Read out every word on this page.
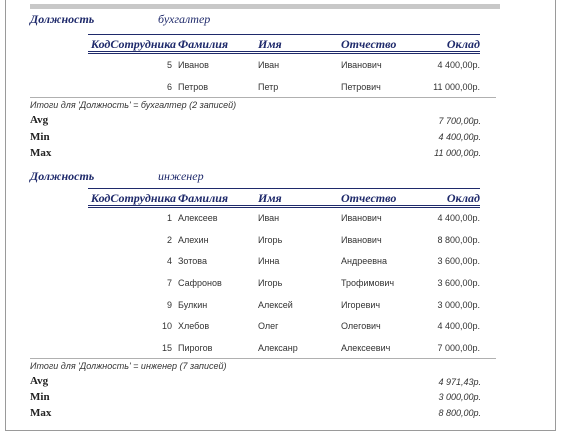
Должность	бухгалтер
КодСотрудника Фамилия Имя	Отчество	Оклад
5 Иванов	Иван	Иванович	4 400,00р.
6 Петров	Петр	Петрович	11 000,00р.
Итоги для 'Должность' = бухгалтер (2 записей)
Avg	7 700,00р.
Min	4 400,00р.
Max	11 000,00р.
Должность	инженер
КодСотрудника Фамилия Имя	Отчество	Оклад
1 Алексеев	Иван	Иванович	4 400,00р.
2 Алехин	Игорь	Иванович	8 800,00р.
4 Зотова	Инна	Андреевна	3 600,00р.
7 Сафронов	Игорь	Трофимович	3 600,00р.
9 Булкин	Алексей	Игоревич	3 000,00р.
10 Хлебов	Олег	Олегович	4 400,00р.
15 Пирогов	Алексанр	Алексеевич	7 000,00р.
Итоги для 'Должность' = инженер (7 записей)
Avg	4 971,43р.
Min	3 000,00р.
Max	8 800,00р.
